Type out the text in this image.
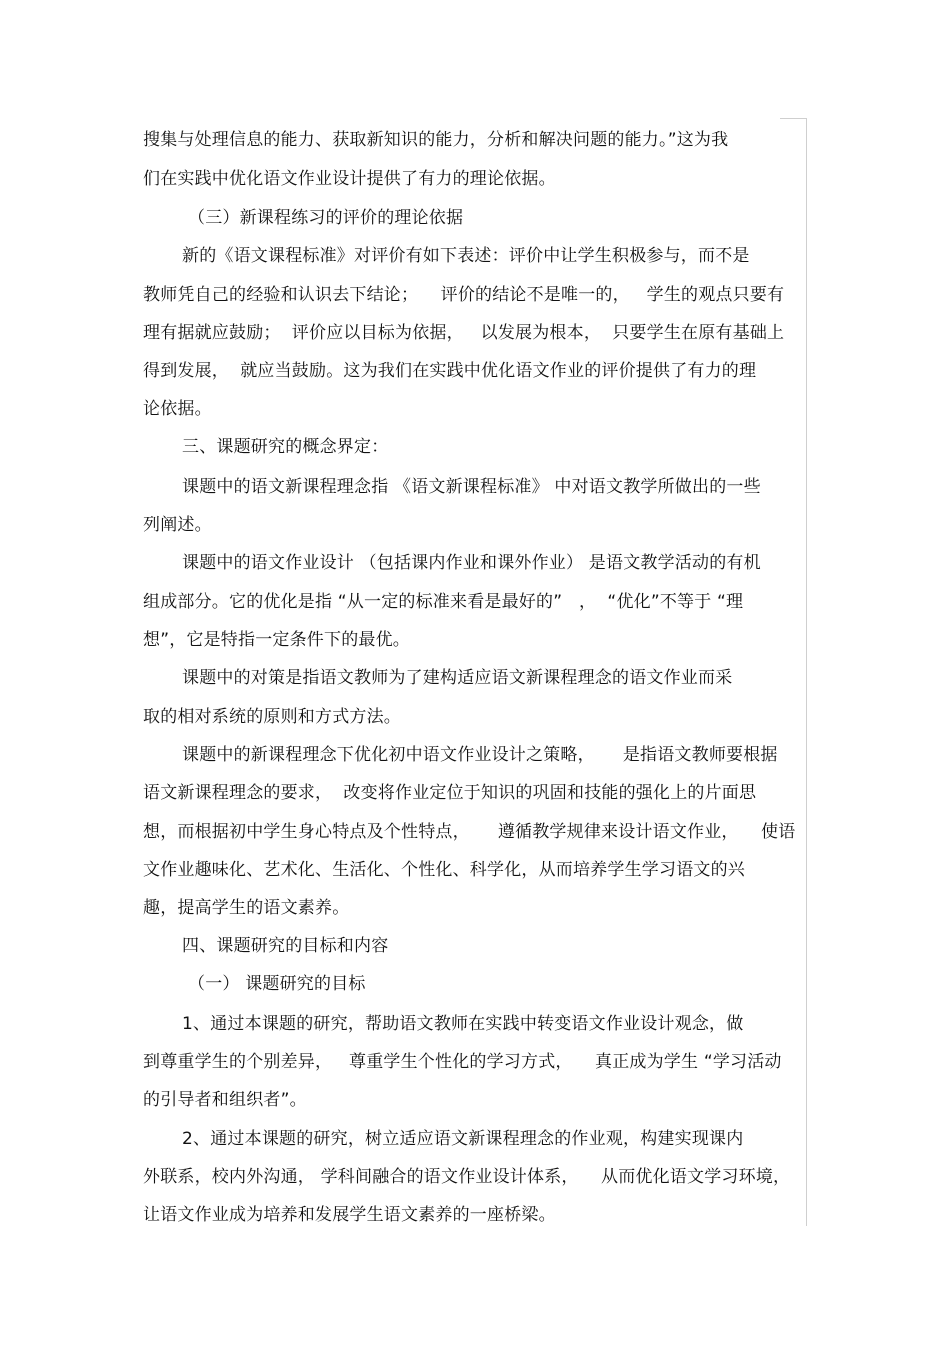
搜集与处理信息的能力、获取新知识的能力，分析和解决问题的能力。”这为我
们在实践中优化语文作业设计提供了有力的理论依据。
（三）新课程练习的评价的理论依据
新的《语文课程标准》对评价有如下表述：评价中让学生积极参与，而不是
教师凭自己的经验和认识去下结论；    评价的结论不是唯一的，   学生的观点只要有
理有据就应鼓励；  评价应以目标为依据，   以发展为根本，  只要学生在原有基础上
得到发展，  就应当鼓励。这为我们在实践中优化语文作业的评价提供了有力的理
论依据。
三、课题研究的概念界定：
课题中的语文新课程理念指 《语文新课程标准》 中对语文教学所做出的一些
列阐述。
课题中的语文作业设计 （包括课内作业和课外作业） 是语文教学活动的有机
组成部分。它的优化是指 “从一定的标准来看是最好的”   ，  “优化”不等于 “理
想”，它是特指一定条件下的最优。
课题中的对策是指语文教师为了建构适应语文新课程理念的语文作业而采
取的相对系统的原则和方式方法。
课题中的新课程理念下优化初中语文作业设计之策略，     是指语文教师要根据
语文新课程理念的要求，  改变将作业定位于知识的巩固和技能的强化上的片面思
想，而根据初中学生身心特点及个性特点，     遵循教学规律来设计语文作业，    使语
文作业趣味化、艺术化、生活化、个性化、科学化，从而培养学生学习语文的兴
趣，提高学生的语文素养。
四、课题研究的目标和内容
（一） 课题研究的目标
1、通过本课题的研究，帮助语文教师在实践中转变语文作业设计观念，做
到尊重学生的个别差异，   尊重学生个性化的学习方式，    真正成为学生 “学习活动
的引导者和组织者”。
2、通过本课题的研究，树立适应语文新课程理念的作业观，构建实现课内
外联系，校内外沟通， 学科间融合的语文作业设计体系，    从而优化语文学习环境，
让语文作业成为培养和发展学生语文素养的一座桥梁。
